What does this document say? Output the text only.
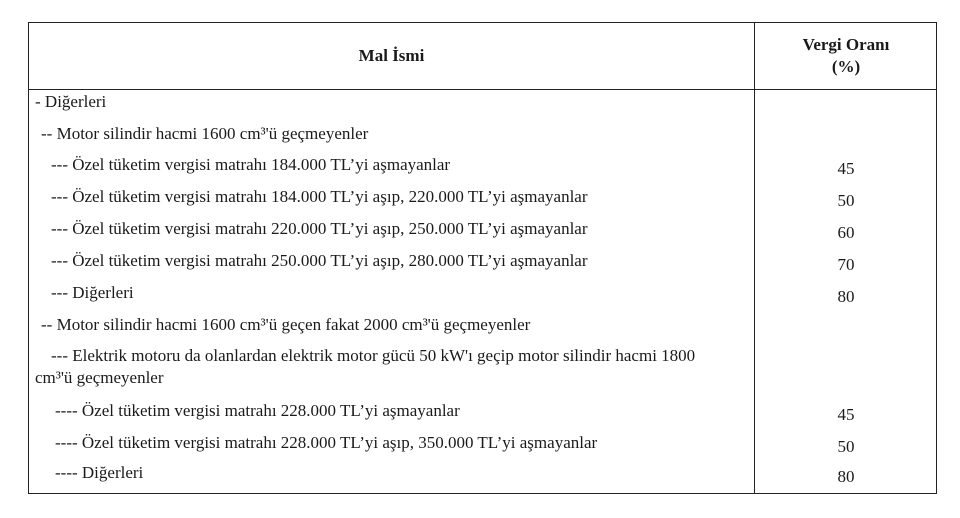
Mal İsmi
Vergi Oranı
(%)
- Diğerleri
-- Motor silindir hacmi 1600 cm³'ü geçmeyenler
--- Özel tüketim vergisi matrahı 184.000 TL’yi aşmayanlar	45
--- Özel tüketim vergisi matrahı 184.000 TL’yi aşıp, 220.000 TL’yi aşmayanlar	50
--- Özel tüketim vergisi matrahı 220.000 TL’yi aşıp, 250.000 TL’yi aşmayanlar	60
--- Özel tüketim vergisi matrahı 250.000 TL’yi aşıp, 280.000 TL’yi aşmayanlar	70
--- Diğerleri	80
-- Motor silindir hacmi 1600 cm³'ü geçen fakat 2000 cm³'ü geçmeyenler
--- Elektrik motoru da olanlardan elektrik motor gücü 50 kW'ı geçip motor silindir hacmi 1800 cm³'ü geçmeyenler
---- Özel tüketim vergisi matrahı 228.000 TL’yi aşmayanlar	45
---- Özel tüketim vergisi matrahı 228.000 TL’yi aşıp, 350.000 TL’yi aşmayanlar	50
---- Diğerleri	80
